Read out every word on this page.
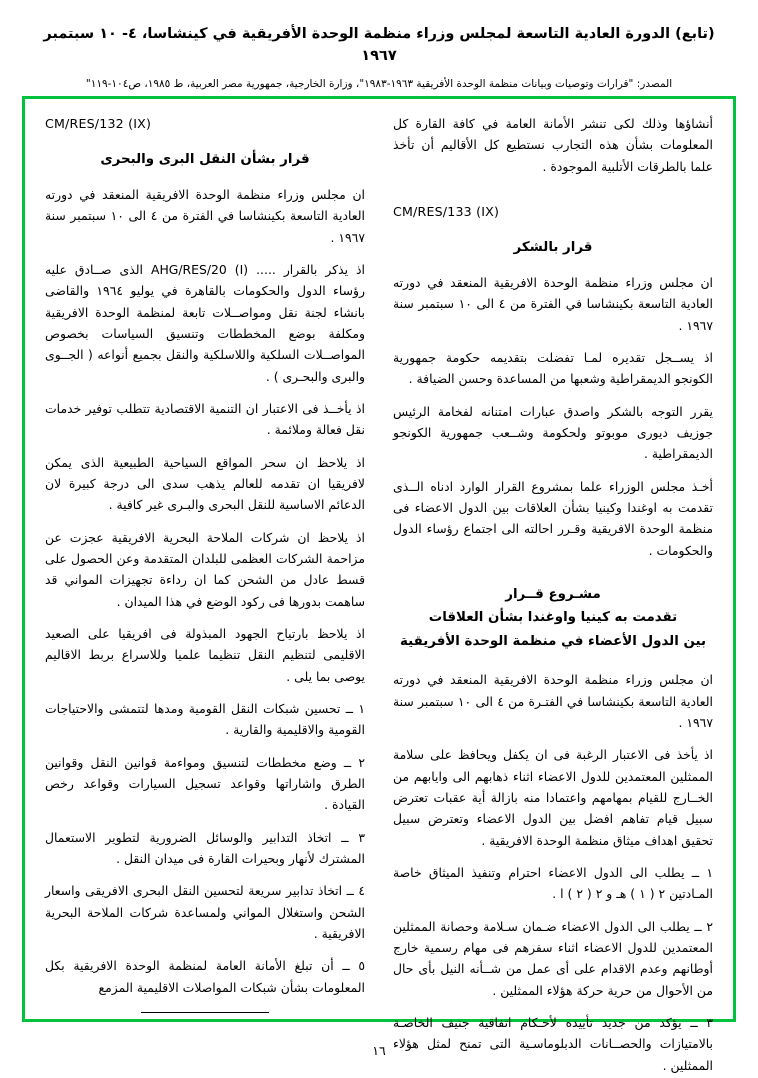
(تابع) الدورة العادية التاسعة لمجلس وزراء منظمة الوحدة الأفريقية في كينشاسا، ٤- ١٠ سبتمبر ١٩٦٧
المصدر: "قرارات وتوصيات وبيانات منظمة الوحدة الأفريقية ١٩٦٣-١٩٨٣"، وزارة الخارجية، جمهورية مصر العربية، ط ١٩٨٥، ص١٠٤-١١٩"

أنشاؤها وذلك لكى تنشر الأمانة العامة في كافة القارة كل المعلومات بشأن هذه التجارب نستطيع كل الأقاليم أن تأخذ علما بالطرقات الأتلبية الموجودة .

CM/RES/133 (IX)
قرار بالشكر

ان مجلس وزراء منظمة الوحدة الافريقية المنعقد في دورته العادية التاسعة بكينشاسا في الفترة من ٤ الى ١٠ سبتمبر سنة ١٩٦٧ .

اذ يســجل تقديره لمـا تفضلت بتقديمه حكومة جمهورية الكونجو الديمقراطية وشعبها من المساعدة وحسن الضيافة .

يقرر التوجه بالشكر واصدق عبارات امتنانه لفخامة الرئيس جوزيف ديورى موبوتو ولحكومة وشــعب جمهورية الكونجو الديمقراطية .

أخـذ مجلس الوزراء علما بمشروع القرار الوارد ادناه الــذى تقدمت به اوغندا وكينيا بشأن العلاقات بين الدول الاعضاء فى منظمة الوحدة الافريقية وقـرر احالته الى اجتماع رؤساء الدول والحكومات .

مشـروع قــرار
تقدمت به كينيا واوغندا بشأن العلاقات
بين الدول الأعضاء في منظمة الوحدة الأفريقية

ان مجلس وزراء منظمة الوحدة الافريقية المنعقد في دورته العادية التاسعة بكينشاسا في الفتـرة من ٤ الى ١٠ سبتمبر سنة ١٩٦٧ .

اذ يأخذ فى الاعتبار الرغبة فى ان يكفل ويحافظ على سلامة الممثلين المعتمدين للدول الاعضاء اثناء ذهابهم الى وايابهم من الخــارج للقيام بمهامهم واعتمادا منه بازالة أية عقبات تعترض سبيل قيام تفاهم افضل بين الدول الاعضاء وتعترض سبيل تحقيق اهداف ميثاق منظمة الوحدة الافريقية .

١ ــ يطلب الى الدول الاعضاء احترام وتنفيذ الميثاق خاصة المـادتين ٢ ( ١ ) هـ و ٢ ( ٢ ) ا .

٢ ــ يطلب الى الدول الاعضاء ضـمان سـلامة وحصانة الممثلين المعتمدين للدول الاعضاء اثناء سفرهم فى مهام رسمية خارج أوطانهم وعدم الاقدام على أى عمل من شــأنه النيل بأى حال من الأحوال من حرية حركة هؤلاء الممثلين .

٣ ــ يؤكد من جديد تأييده لأحـكام اتفاقية جنيف الخاصـة بالامتيازات والحصــانات الدبلوماسـية التى تمنح لمثل هؤلاء الممثلين .

CM/RES/132 (IX)
قرار بشأن النقل البرى والبحرى

ان مجلس وزراء منظمة الوحدة الافريقية المنعقد في دورته العادية التاسعة بكينشاسا في الفترة من ٤ الى ١٠ سبتمبر سنة ١٩٦٧ .

اذ يذكر بالقرار ..... AHG/RES/20 (I) الذى صــادق عليه رؤساء الدول والحكومات بالقاهرة في يوليو ١٩٦٤ والقاضى بانشاء لجنة نقل ومواصــلات تابعة لمنظمة الوحدة الافريقية ومكلفة بوضع المخططات وتنسيق السياسات بخصوص المواصــلات السلكية واللاسلكية والنقل بجميع أنواعه ( الجــوى والبرى والبحـرى ) .

اذ يأخــذ فى الاعتبار ان التنمية الاقتصادية تتطلب توفير خدمات نقل فعالة وملائمة .

اذ يلاحظ ان سحر المواقع السياحية الطبيعية الذى يمكن لافريقيا ان تقدمه للعالم يذهب سدى الى درجة كبيرة لان الدعائم الاساسية للنقل البحرى والبـرى غير كافية .

اذ يلاحظ ان شركات الملاحة البحرية الافريقية عجزت عن مزاحمة الشركات العظمى للبلدان المتقدمة وعن الحصول على قسط عادل من الشحن كما ان رداءة تجهيزات المواني قد ساهمت بدورها فى ركود الوضع في هذا الميدان .

اذ يلاحظ بارتياح الجهود المبذولة فى افريقيا على الصعيد الاقليمى لتنظيم النقل تنظيما علميا وللاسراع بربط الاقاليم يوصى بما يلى .

١ ــ تحسين شبكات النقل القومية ومدها لتتمشى والاحتياجات القومية والاقليمية والقارية .

٢ ــ وضع مخططات لتنسيق ومواءمة قوانين النقل وقوانين الطرق واشاراتها وقواعد تسجيل السيارات وقواعد رخص القيادة .

٣ ــ اتخاذ التدابير والوسائل الضرورية لتطوير الاستعمال المشترك لأنهار وبحيرات القارة فى ميدان النقل .

٤ ــ اتخاذ تدابير سريعة لتحسين النقل البحرى الافريقى واسعار الشحن واستغلال المواني ولمساعدة شركات الملاحة البحرية الافريقية .

٥ ــ أن تبلغ الأمانة العامة لمنظمة الوحدة الافريقية بكل المعلومات بشأن شبكات المواصلات الاقليمية المزمع

١٦
